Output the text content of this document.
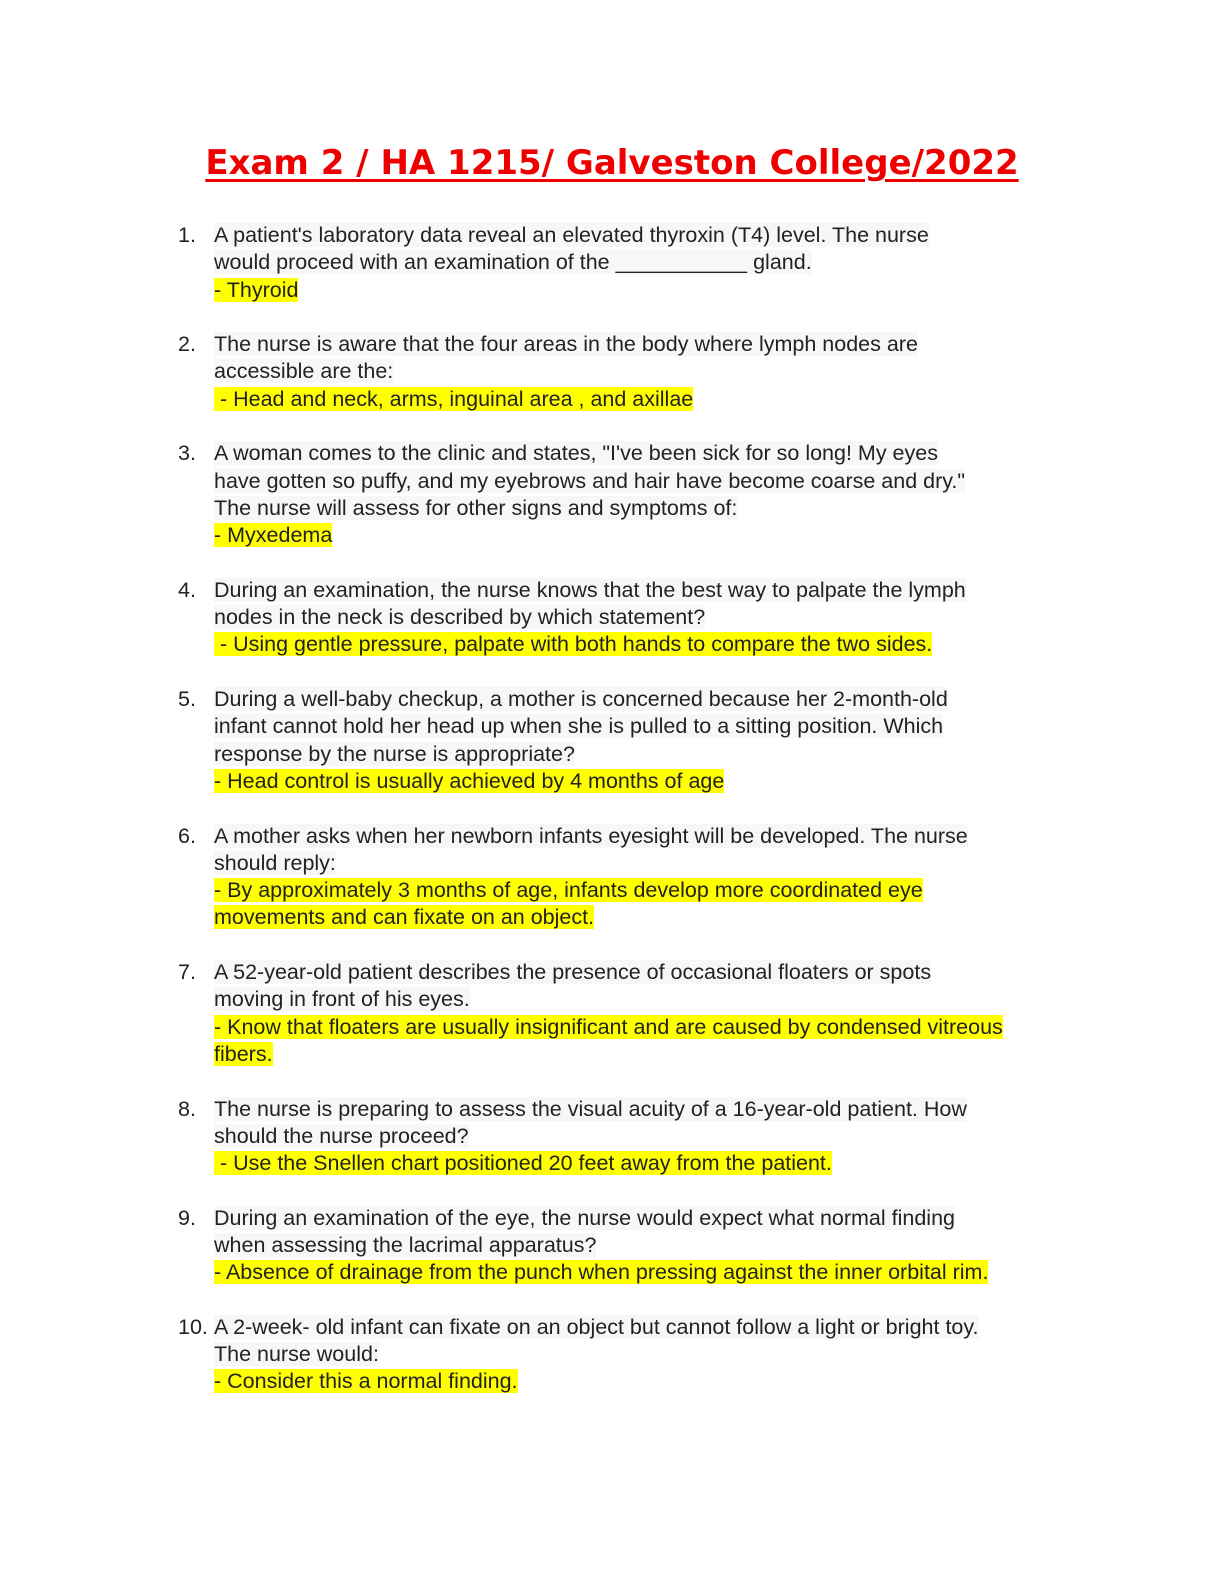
Exam 2 / HA 1215/ Galveston College/2022
1. A patient's laboratory data reveal an elevated thyroxin (T4) level. The nurse
would proceed with an examination of the ___________ gland.
- Thyroid
2. The nurse is aware that the four areas in the body where lymph nodes are
accessible are the:
- Head and neck, arms, inguinal area , and axillae
3. A woman comes to the clinic and states, "I've been sick for so long! My eyes
have gotten so puffy, and my eyebrows and hair have become coarse and dry."
The nurse will assess for other signs and symptoms of:
- Myxedema
4. During an examination, the nurse knows that the best way to palpate the lymph
nodes in the neck is described by which statement?
- Using gentle pressure, palpate with both hands to compare the two sides.
5. During a well-baby checkup, a mother is concerned because her 2-month-old
infant cannot hold her head up when she is pulled to a sitting position. Which
response by the nurse is appropriate?
- Head control is usually achieved by 4 months of age
6. A mother asks when her newborn infants eyesight will be developed. The nurse
should reply:
- By approximately 3 months of age, infants develop more coordinated eye movements and can fixate on an object.
7. A 52-year-old patient describes the presence of occasional floaters or spots
moving in front of his eyes.
- Know that floaters are usually insignificant and are caused by condensed vitreous fibers.
8. The nurse is preparing to assess the visual acuity of a 16-year-old patient. How
should the nurse proceed?
- Use the Snellen chart positioned 20 feet away from the patient.
9. During an examination of the eye, the nurse would expect what normal finding
when assessing the lacrimal apparatus?
- Absence of drainage from the punch when pressing against the inner orbital rim.
10. A 2-week- old infant can fixate on an object but cannot follow a light or bright toy.
The nurse would:
- Consider this a normal finding.
